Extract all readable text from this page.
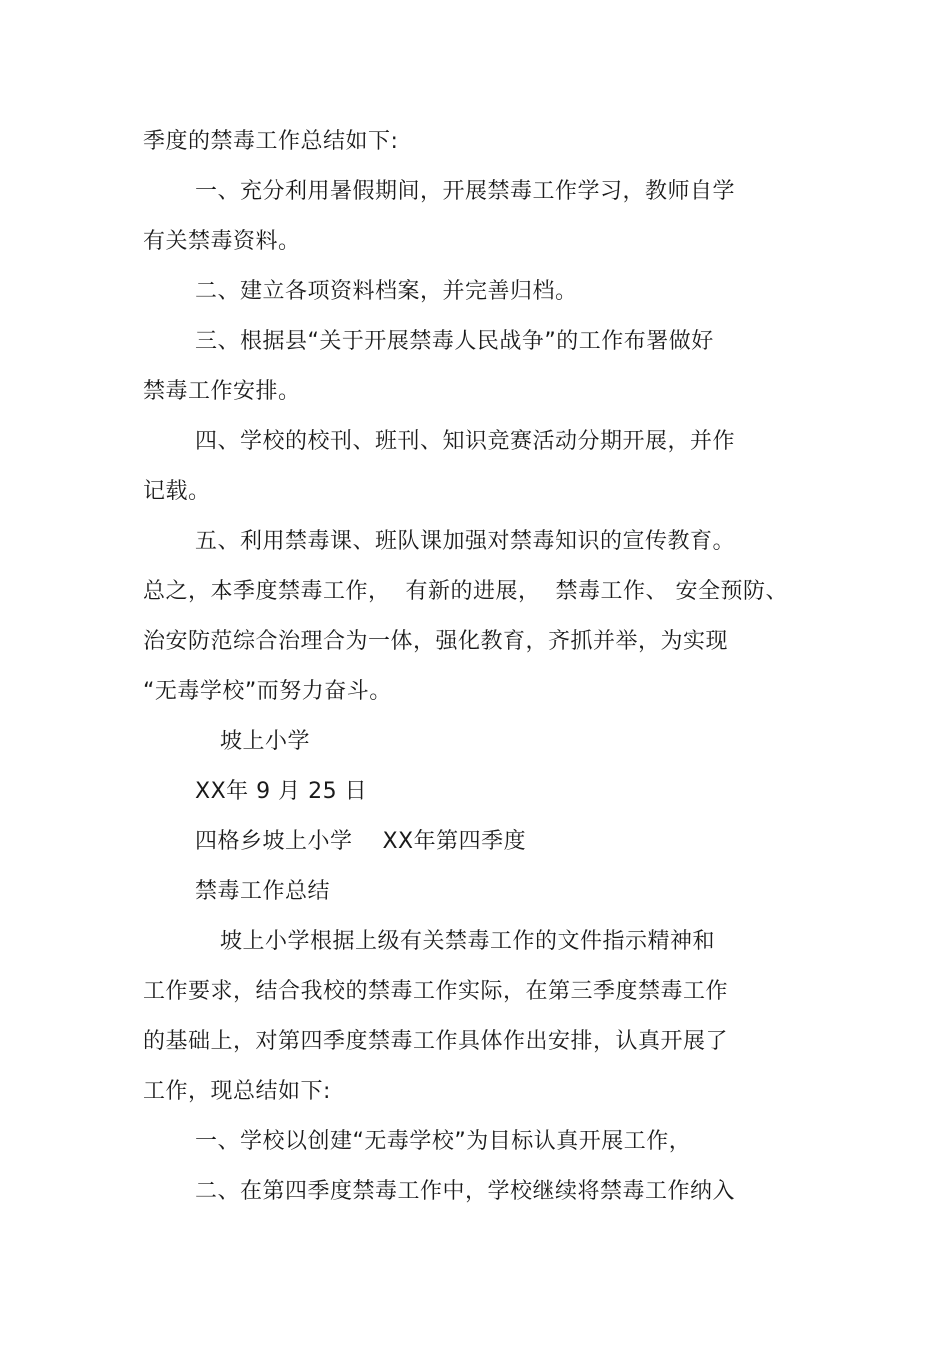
季度的禁毒工作总结如下:
一、充分利用暑假期间，开展禁毒工作学习，教师自学
有关禁毒资料。
二、建立各项资料档案，并完善归档。
三、根据县“关于开展禁毒人民战争”的工作布署做好
禁毒工作安排。
四、学校的校刊、班刊、知识竞赛活动分期开展，并作
记载。
五、利用禁毒课、班队课加强对禁毒知识的宣传教育。
总之，本季度禁毒工作，  有新的进展，  禁毒工作、 安全预防、
治安防范综合治理合为一体，强化教育，齐抓并举，为实现
“无毒学校”而努力奋斗。
坡上小学
XX年 9 月 25 日
四格乡坡上小学    XX年第四季度
禁毒工作总结
坡上小学根据上级有关禁毒工作的文件指示精神和
工作要求，结合我校的禁毒工作实际，在第三季度禁毒工作
的基础上，对第四季度禁毒工作具体作出安排，认真开展了
工作，现总结如下:
一、学校以创建“无毒学校”为目标认真开展工作，
二、在第四季度禁毒工作中，学校继续将禁毒工作纳入
